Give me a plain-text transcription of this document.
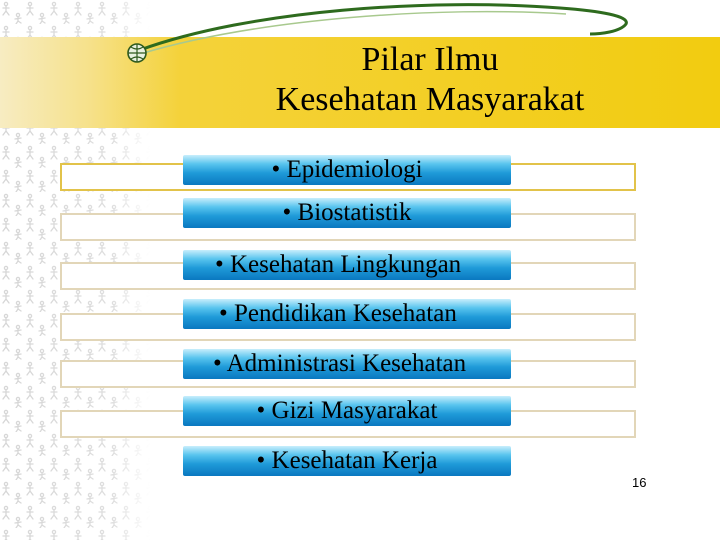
Pilar Ilmu
Kesehatan Masyarakat
• Epidemiologi
• Biostatistik
• Kesehatan Lingkungan
• Pendidikan Kesehatan
• Administrasi Kesehatan
• Gizi Masyarakat
• Kesehatan Kerja
16
